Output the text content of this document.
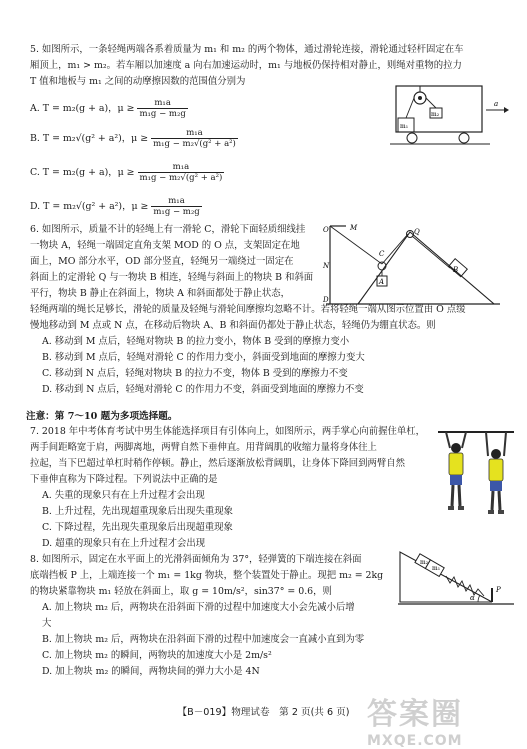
5. 如图所示，一条轻绳两端各系着质量为 m₁ 和 m₂ 的两个物体，通过滑轮连接，滑轮通过轻杆固定在车

厢顶上，m₁ > m₂。若车厢以加速度 a 向右加速运动时，m₁ 与地板仍保持相对静止，则绳对重物的拉力

T 值和地板与 m₁ 之间的动摩擦因数的范围值分别为

A. T = m₂(g + a)，$\mu \ge \frac{\text{m₁a}}{\text{m₁g − m₂g}}$
B. T = m₂√(g² + a²)，$\mu \ge \frac{\text{m₁a}}{\text{m₁g − m₂√(g² + a²)}}$
C. T = m₂(g + a)，$\mu \ge \frac{\text{m₁a}}{\text{m₁g − m₂√(g² + a²)}}$
D. T = m₂√(g² + a²)，$\mu \ge \frac{\text{m₁a}}{\text{m₁g − m₂g}}$
m₁
m₂
a

6. 如图所示，质量不计的轻绳上有一滑轮 C，滑轮下面轻质细线挂

一物块 A，轻绳一端固定直角支架 MOD 的 O 点，支架固定在地

面上，MO 部分水平，OD 部分竖直，轻绳另一端绕过一固定在

斜面上的定滑轮 Q 与一物块 B 相连，轻绳与斜面上的物块 B 和斜面

平行，物块 B 静止在斜面上，物块 A 和斜面都处于静止状态，

轻绳两端的绳长足够长，滑轮的质量及轻绳与滑轮间摩擦均忽略不计。若将轻绳一端从图示位置由 O 点缓

慢地移动到 M 点或 N 点，在移动后物块 A、B 和斜面仍都处于静止状态，轻绳仍为绷直状态。则

A. 移动到 M 点后，轻绳对物块 B 的拉力变小，物体 B 受到的摩擦力变小

B. 移动到 M 点后，轻绳对滑轮 C 的作用力变小，斜面受到地面的摩擦力变大

C. 移动到 N 点后，轻绳对物块 B 的拉力不变，物体 B 受到的摩擦力不变

D. 移动到 N 点后，轻绳对滑轮 C 的作用力不变，斜面受到地面的摩擦力不变

O	M
N
D
C
A
Q
B
注意：第 7～10 题为多项选择题。

7. 2018 年中考体育考试中男生体能选择项目有引体向上，如图所示，两手掌心向前握住单杠，

两手间距略宽于肩，两脚离地，两臂自然下垂伸直。用背阔肌的收缩力量将身体往上

拉起，当下巴超过单杠时稍作停顿。静止，然后逐渐放松背阔肌，让身体下降回到两臂自然

下垂伸直称为下降过程。下列说法中正确的是

A. 失重的现象只有在上升过程才会出现

B. 上升过程，先出现超重现象后出现失重现象

C. 下降过程，先出现失重现象后出现超重现象

D. 超重的现象只有在上升过程才会出现

8. 如图所示，固定在水平面上的光滑斜面倾角为 37°，轻弹簧的下端连接在斜面

底端挡板 P 上，上端连接一个 m₁ = 1kg 物块，整个装置处于静止。现把 m₂ = 2kg

的物块紧靠物块 m₁ 轻放在斜面上，取 g = 10m/s²，sin37° = 0.6，则

A. 加上物块 m₂ 后，两物块在沿斜面下滑的过程中加速度大小会先减小后增

大

B. 加上物块 m₂ 后，两物块在沿斜面下滑的过程中加速度会一直减小直到为零

C. 加上物块 m₂ 的瞬间，两物块的加速度大小是 2m/s²

D. 加上物块 m₂ 的瞬间，两物块间的弹力大小是 4N

m₂
m₁
α
P
【B－019】物理试卷　第 2 页(共 6 页) 答案圈
MXQE.COM
